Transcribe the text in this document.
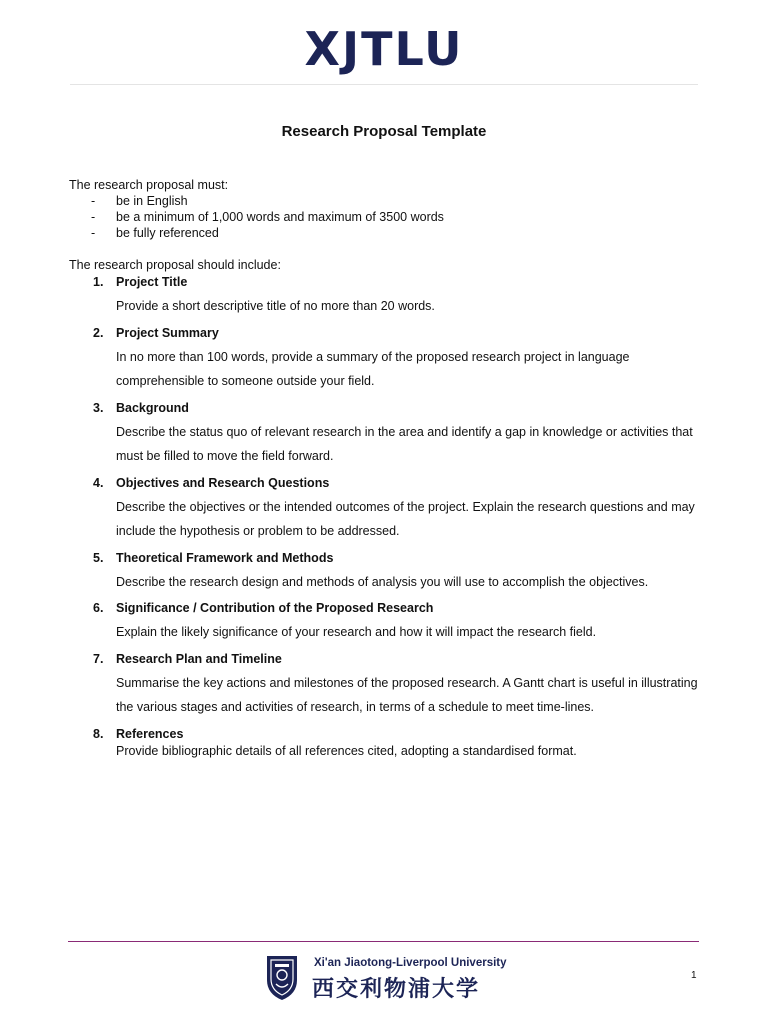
XJTLU
Research Proposal Template

The research proposal must:

- be in English
- be a minimum of 1,000 words and maximum of 3500 words
- be fully referenced

The research proposal should include:

1. Project Title
Provide a short descriptive title of no more than 20 words.
2. Project Summary
In no more than 100 words, provide a summary of the proposed research project in language comprehensible to someone outside your field.
3. Background
Describe the status quo of relevant research in the area and identify a gap in knowledge or activities that must be filled to move the field forward.
4. Objectives and Research Questions
Describe the objectives or the intended outcomes of the project. Explain the research questions and may include the hypothesis or problem to be addressed.
5. Theoretical Framework and Methods
Describe the research design and methods of analysis you will use to accomplish the objectives.
6. Significance / Contribution of the Proposed Research
Explain the likely significance of your research and how it will impact the research field.
7. Research Plan and Timeline
Summarise the key actions and milestones of the proposed research. A Gantt chart is useful in illustrating the various stages and activities of research, in terms of a schedule to meet time-lines.
8. References
Provide bibliographic details of all references cited, adopting a standardised format.
Xi'an Jiaotong-Liverpool University
西交利物浦大学
1
